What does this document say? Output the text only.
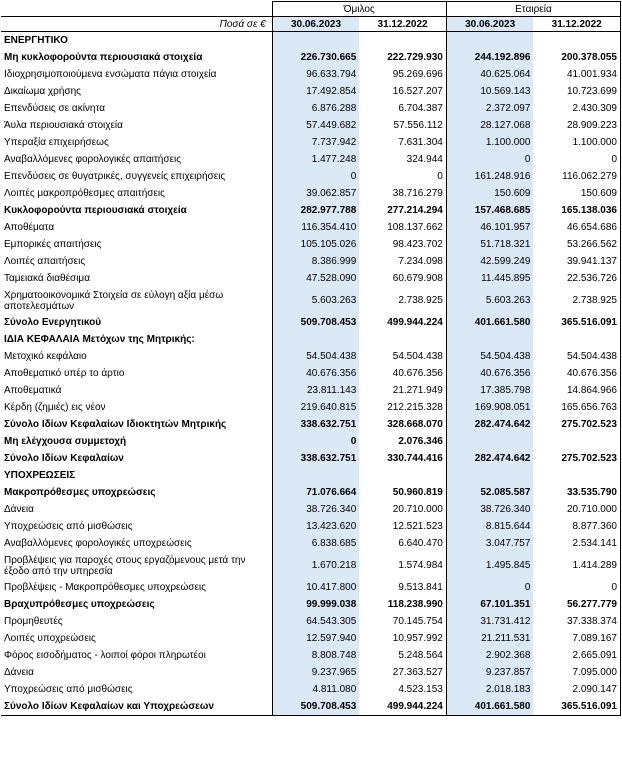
	Όμιλος		Εταιρεία	
Ποσά σε €	30.06.2023	31.12.2022	30.06.2023	31.12.2022
ΕΝΕΡΓΗΤΙΚΟ				
Μη κυκλοφορούντα περιουσιακά στοιχεία	226.730.665	222.729.930	244.192.896	200.378.055
Ιδιοχρησιμοποιούμενα ενσώματα πάγια στοιχεία	96.633.794	95.269.696	40.625.064	41.001.934
Δικαίωμα χρήσης	17.492.854	16.527.207	10.569.143	10.723.699
Επενδύσεις σε ακίνητα	6.876.288	6.704.387	2.372.097	2.430.309
Άυλα περιουσιακά στοιχεία	57.449.682	57.556.112	28.127.068	28.909.223
Υπεραξία επιχειρήσεως	7.737.942	7.631.304	1.100.000	1.100.000
Αναβαλλόμενες φορολογικές απαιτήσεις	1.477.248	324.944	0	0
Επενδύσεις σε θυγατρικές, συγγενείς επιχειρήσεις	0	0	161.248.916	116.062.279
Λοιπές μακροπρόθεσμες απαιτήσεις	39.062.857	38.716.279	150.609	150.609
Κυκλοφορούντα περιουσιακά στοιχεία	282.977.788	277.214.294	157.468.685	165.138.036
Αποθέματα	116.354.410	108.137.662	46.101.957	46.654.686
Εμπορικές απαιτήσεις	105.105.026	98.423.702	51.718.321	53.266.562
Λοιπές απαιτήσεις	8.386.999	7.234.098	42.599.249	39.941.137
Ταμειακά διαθέσιμα	47.528.090	60.679.908	11.445.895	22.536.726
Χρηματοοικονομικά Στοιχεία σε εύλογη αξία μέσω αποτελεσμάτων	5.603.263	2.738.925	5.603.263	2.738.925
Σύνολο Ενεργητικού	509.708.453	499.944.224	401.661.580	365.516.091
ΙΔΙΑ ΚΕΦΑΛΑΙΑ Μετόχων της Μητρικής:				
Μετοχικό κεφάλαιο	54.504.438	54.504.438	54.504.438	54.504.438
Αποθεματικό υπέρ το άρτιο	40.676.356	40.676.356	40.676.356	40.676.356
Αποθεματικά	23.811.143	21.271.949	17.385.798	14.864.966
Κέρδη (ζημιές) εις νέον	219.640.815	212.215.328	169.908.051	165.656.763
Σύνολο Ιδίων Κεφαλαίων Ιδιοκτητών Μητρικής	338.632.751	328.668.070	282.474.642	275.702.523
Μη ελέγχουσα συμμετοχή	0	2.076.346		
Σύνολο Ιδίων Κεφαλαίων	338.632.751	330.744.416	282.474.642	275.702.523
ΥΠΟΧΡΕΩΣΕΙΣ				
Μακροπρόθεσμες υποχρεώσεις	71.076.664	50.960.819	52.085.587	33.535.790
Δάνεια	38.726.340	20.710.000	38.726.340	20.710.000
Υποχρεώσεις από μισθώσεις	13.423.620	12.521.523	8.815.644	8.877.360
Αναβαλλόμενες φορολογικές υποχρεώσεις	6.838.685	6.640.470	3.047.757	2.534.141
Προβλέψεις για παροχές στους εργαζόμενους μετά την έξοδο από την υπηρεσία	1.670.218	1.574.984	1.495.845	1.414.289
Προβλέψεις - Μακροπρόθεσμες υποχρεώσεις	10.417.800	9.513.841	0	0
Βραχυπρόθεσμες υποχρεώσεις	99.999.038	118.238.990	67.101.351	56.277.779
Προμηθευτές	64.543.305	70.145.754	31.731.412	37.338.374
Λοιπές υποχρεώσεις	12.597.940	10.957.992	21.211.531	7.089.167
Φόρος εισοδήματος - λοιποί φόροι πληρωτέοι	8.808.748	5.248.564	2.902.368	2.665.091
Δάνεια	9.237.965	27.363.527	9.237.857	7.095.000
Υποχρεώσεις από μισθώσεις	4.811.080	4.523.153	2.018.183	2.090.147
Σύνολο Ιδίων Κεφαλαίων και Υποχρεώσεων	509.708.453	499.944.224	401.661.580	365.516.091
